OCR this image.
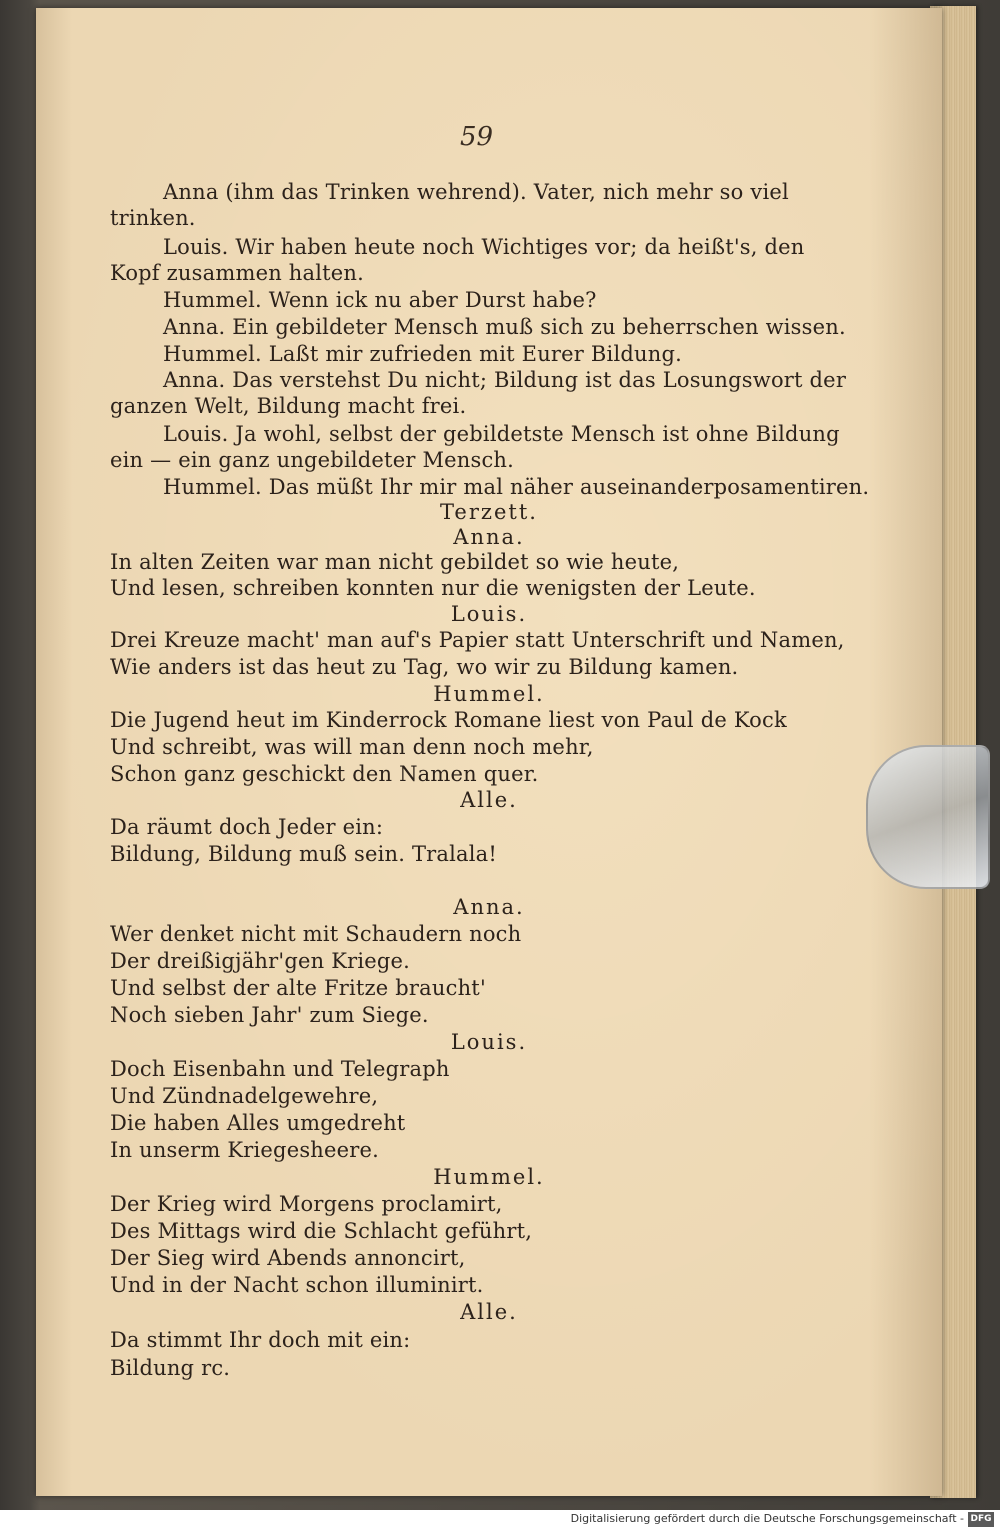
59
Anna (ihm das Trinken wehrend). Vater, nich mehr so viel
trinken.
Louis. Wir haben heute noch Wichtiges vor; da heißt's, den
Kopf zusammen halten.
Hummel. Wenn ick nu aber Durst habe?
Anna. Ein gebildeter Mensch muß sich zu beherrschen wissen.
Hummel. Laßt mir zufrieden mit Eurer Bildung.
Anna. Das verstehst Du nicht; Bildung ist das Losungswort der
ganzen Welt, Bildung macht frei.
Louis. Ja wohl, selbst der gebildetste Mensch ist ohne Bildung
ein — ein ganz ungebildeter Mensch.
Hummel. Das müßt Ihr mir mal näher auseinanderposamentiren.
Terzett.
Anna.
In alten Zeiten war man nicht gebildet so wie heute,
Und lesen, schreiben konnten nur die wenigsten der Leute.
Louis.
Drei Kreuze macht' man auf's Papier statt Unterschrift und Namen,
Wie anders ist das heut zu Tag, wo wir zu Bildung kamen.
Hummel.
Die Jugend heut im Kinderrock Romane liest von Paul de Kock
Und schreibt, was will man denn noch mehr,
Schon ganz geschickt den Namen quer.
Alle.
Da räumt doch Jeder ein:
Bildung, Bildung muß sein. Tralala!
Anna.
Wer denket nicht mit Schaudern noch
Der dreißigjähr'gen Kriege.
Und selbst der alte Fritze braucht'
Noch sieben Jahr' zum Siege.
Louis.
Doch Eisenbahn und Telegraph
Und Zündnadelgewehre,
Die haben Alles umgedreht
In unserm Kriegesheere.
Hummel.
Der Krieg wird Morgens proclamirt,
Des Mittags wird die Schlacht geführt,
Der Sieg wird Abends annoncirt,
Und in der Nacht schon illuminirt.
Alle.
Da stimmt Ihr doch mit ein:
Bildung rc.
Digitalisierung gefördert durch die Deutsche Forschungsgemeinschaft - DFG
